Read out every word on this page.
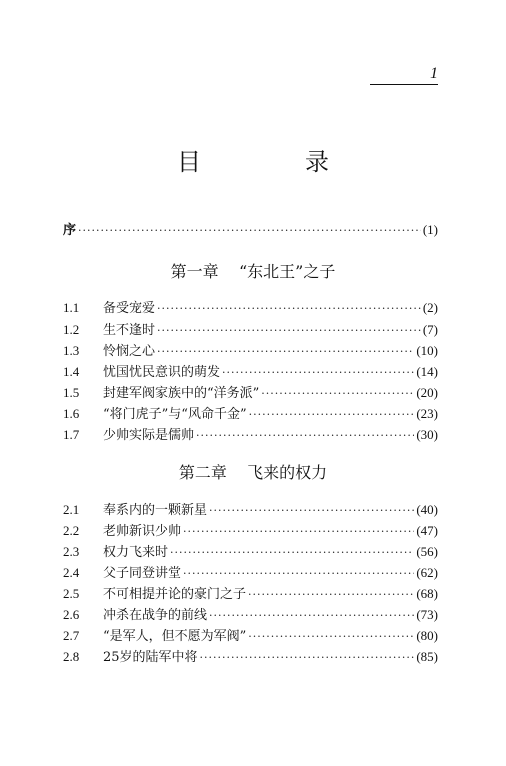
1
目　录
序 ·····	(1)
第一章 “东北王”之子
1.1	备受宠爱 ·····	(2)
1.2	生不逢时 ·····	(7)
1.3	怜悯之心 ·····	(10)
1.4	忧国忧民意识的萌发 ·····	(14)
1.5	封建军阀家族中的“洋务派” ·····	(20)
1.6	“将门虎子”与“风命千金” ·····	(23)
1.7	少帅实际是儒帅 ·····	(30)
第二章 飞来的权力
2.1	奉系内的一颗新星 ·····	(40)
2.2	老帅新识少帅 ·····	(47)
2.3	权力飞来时 ·····	(56)
2.4	父子同登讲堂 ·····	(62)
2.5	不可相提并论的豪门之子 ·····	(68)
2.6	冲杀在战争的前线 ·····	(73)
2.7	“是军人，但不愿为军阀” ·····	(80)
2.8	25岁的陆军中将 ·····	(85)
